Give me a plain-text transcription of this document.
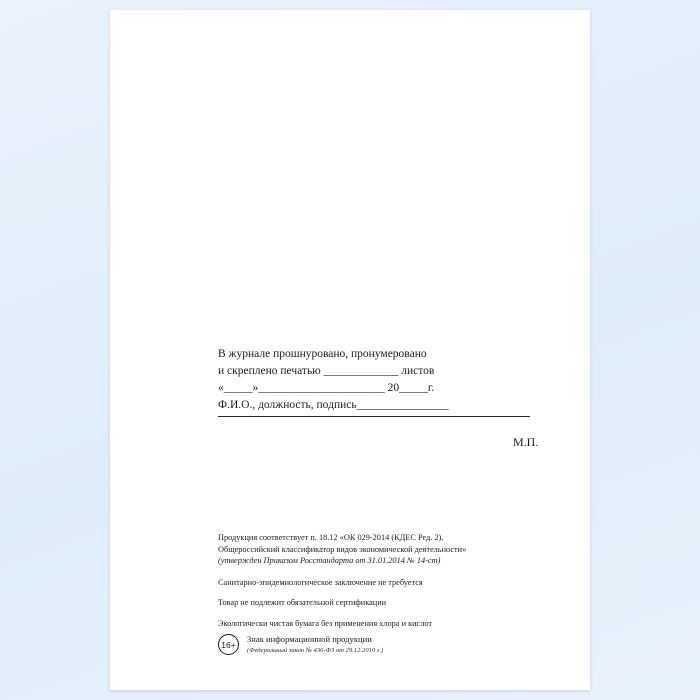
В журнале прошнуровано, пронумеровано
и скреплено печатью _____________ листов
«_____»______________________ 20_____г.
Ф.И.О., должность, подпись________________
М.П.

Продукция соответствует п. 18.12 «ОК 029-2014 (КДЕС Ред. 2).
Общероссийский классификатор видов экономической деятельности»
(утвержден Приказом Росстандарта от 31.01.2014 № 14-ст)

Санитарно-эпидемиологическое заключение не требуется

Товар не подлежит обязательной сертификации

Экологически чистая бумага без применения хлора и кислот

16+
Знак информационной продукции
(Федеральный закон № 436-ФЗ от 29.12.2010 г.)
